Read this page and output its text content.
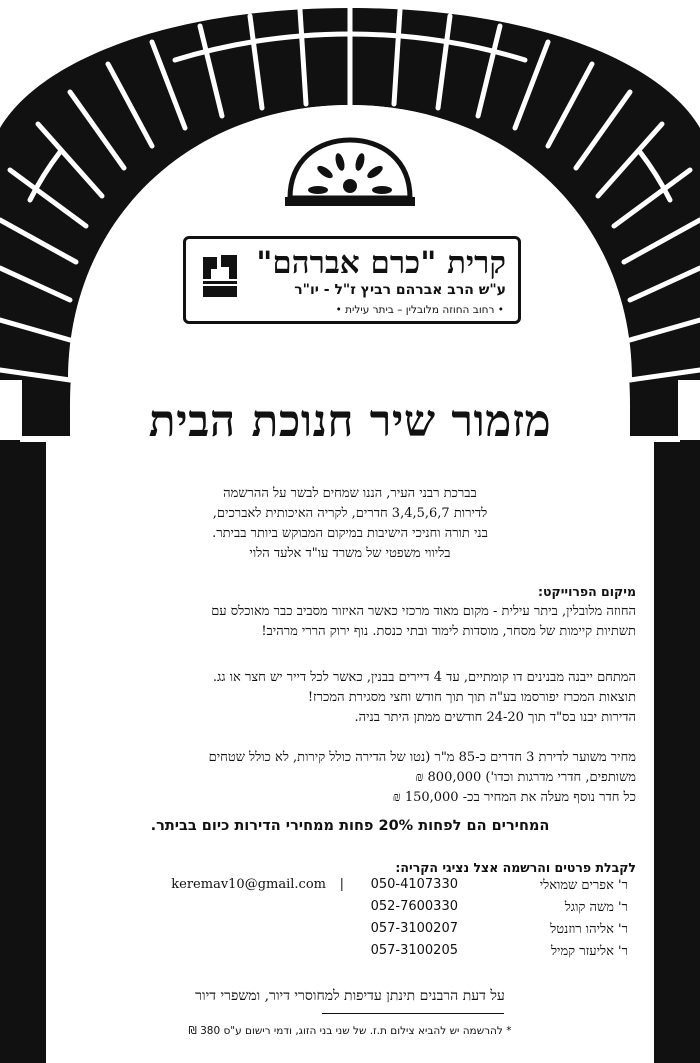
קרית "כרם אברהם"
ע"ש הרב אברהם רביץ ז"ל - יו"ר
• רחוב החוזה מלובלין – ביתר עילית •
מזמור שיר חנוכת הבית
בברכת רבני העיר, הננו שמחים לבשר על ההרשמה
לדירות 3,4,5,6,7 חדרים, לקריה האיכותית לאברכים,
בני תורה וחניכי הישיבות במיקום המבוקש ביותר בביתר.
בליווי משפטי של משרד עו"ד אלעד הלוי
מיקום הפרוייקט:
החוזה מלובלין, ביתר עילית - מקום מאוד מרכזי כאשר האיזור מסביב כבר מאוכלס עם
תשתיות קיימות של מסחר, מוסדות לימוד ובתי כנסת. נוף ירוק הררי מרהיב!
המתחם ייבנה מבנינים דו קומתיים, עד 4 דיירים בבנין, כאשר לכל דייר יש חצר או גג.
תוצאות המכרז יפורסמו בע"ה תוך תוך חודש וחצי מסגירת המכרז!
הדירות יבנו בס"ד תוך 24-20 חודשים ממתן היתר בניה.
מחיר משוער לדירת 3 חדרים כ-85 מ"ר (נטו של הדירה כולל קירות, לא כולל שטחים
משותפים, חדרי מדרגות וכדו') 800,000 ₪
כל חדר נוסף מעלה את המחיר בכ- 150,000 ₪
המחירים הם לפחות 20% פחות ממחירי הדירות כיום בביתר.
לקבלת פרטים והרשמה אצל נציגי הקריה:
ר' אפרים שמואלי
050-4107330
|
keremav10@gmail.com
ר' משה קוגל
052-7600330
ר' אליהו רוזנטל
057-3100207
ר' אליעזר קמיל
057-3100205
על דעת הרבנים תינתן עדיפות למחוסרי דיור, ומשפרי דיור
* להרשמה יש להביא צילום ת.ז. של שני בני הזוג, ודמי רישום ע"ס 380 ₪
